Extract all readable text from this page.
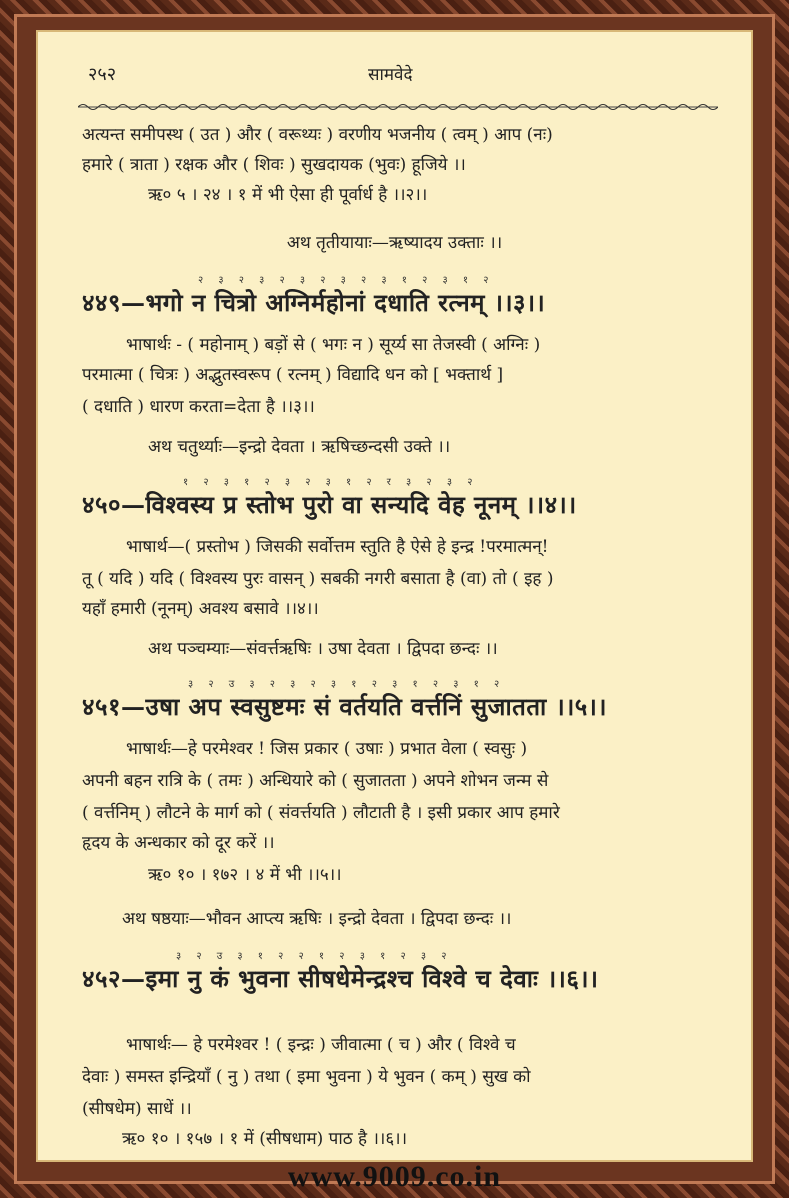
२५२	सामवेदे
अत्यन्त समीपस्थ ( उत ) और ( वरूथ्यः ) वरणीय भजनीय ( त्वम् ) आप (नः)
हमारे ( त्राता ) रक्षक और ( शिवः ) सुखदायक (भुवः) हूजिये ।।
ऋ० ५ । २४ । १ में भी ऐसा ही पूर्वार्ध है ।।२।।
अथ तृतीयायाः—ऋष्यादय उक्ताः ।।
२ ३ २ ३ २ ३ २ ३ २ ३ १ २ ३ १ २
४४९—भगो न चित्रो अग्निर्महोनां दधाति रत्नम् ।।३।।
भाषार्थः - ( महोनाम् ) बड़ों से ( भगः न ) सूर्य्य सा तेजस्वी ( अग्निः )
परमात्मा ( चित्रः ) अद्भुतस्वरूप ( रत्नम् ) विद्यादि धन को [ भक्तार्थ ]
( दधाति ) धारण करता=देता है ।।३।।
अथ चतुर्थ्याः—इन्द्रो देवता । ऋषिच्छन्दसी उक्ते ।।
१ २ ३ १ २ ३ २ ३ १ २ र ३ २ ३ २
४५०—विश्वस्य प्र स्तोभ पुरो वा सन्यदि वेह नूनम् ।।४।।
भाषार्थ—( प्रस्तोभ ) जिसकी सर्वोत्तम स्तुति है ऐसे हे इन्द्र !परमात्मन्!
तू ( यदि ) यदि ( विश्वस्य पुरः वासन् ) सबकी नगरी बसाता है (वा) तो ( इह )
यहाँ हमारी (नूनम्) अवश्य बसावे ।।४।।
अथ पञ्चम्याः—संवर्त्तऋषिः । उषा देवता । द्विपदा छन्दः ।।
३ २ उ ३ २ ३ २ ३ १ २ ३ १ २ ३ १ २
४५१—उषा अप स्वसुष्टमः सं वर्तयति वर्त्तनिं सुजातता ।।५।।
भाषार्थः—हे परमेश्वर ! जिस प्रकार ( उषाः ) प्रभात वेला ( स्वसुः )
अपनी बहन रात्रि के ( तमः ) अन्धियारे को ( सुजातता ) अपने शोभन जन्म से
( वर्त्तनिम् ) लौटने के मार्ग को ( संवर्त्तयति ) लौटाती है । इसी प्रकार आप हमारे
हृदय के अन्धकार को दूर करें ।।
ऋ० १० । १७२ । ४ में भी ।।५।।
अथ षष्ठयाः—भौवन आप्त्य ऋषिः । इन्द्रो देवता । द्विपदा छन्दः ।।
३ २ उ ३ १ २ २ १ २ ३ १ २ ३ २
४५२—इमा नु कं भुवना सीषधेमेन्द्रश्च विश्वे च देवाः ।।६।।
भाषार्थः— हे परमेश्वर ! ( इन्द्रः ) जीवात्मा ( च ) और ( विश्वे च
देवाः ) समस्त इन्द्रियाँ ( नु ) तथा ( इमा भुवना ) ये भुवन ( कम् ) सुख को
(सीषधेम) साधें ।।
ऋ० १० । १५७ । १ में (सीषधाम) पाठ है ।।६।।
www.9009.co.in
